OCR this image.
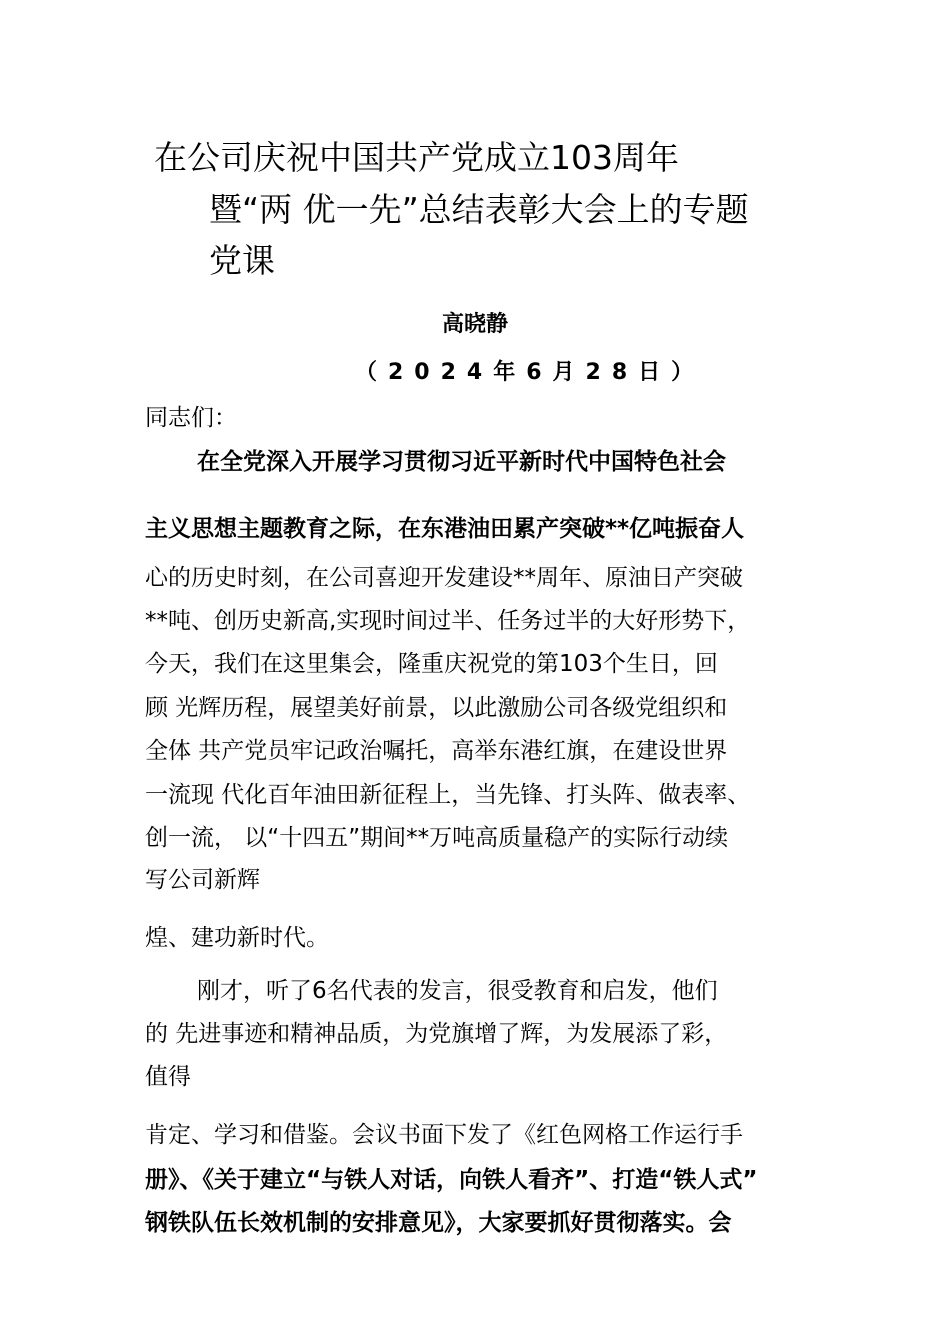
在公司庆祝中国共产党成立103周年
暨“两 优一先”总结表彰大会上的专题
党课
高晓静
（2024年6月28日）
同志们：
在全党深入开展学习贯彻习近平新时代中国特色社会
主义思想主题教育之际，在东港油田累产突破**亿吨振奋人
心的历史时刻，在公司喜迎开发建设**周年、原油日产突破
**吨、创历史新高,实现时间过半、任务过半的大好形势下，
今天，我们在这里集会，隆重庆祝党的第103个生日，回
顾 光辉历程，展望美好前景，以此激励公司各级党组织和
全体 共产党员牢记政治嘱托，高举东港红旗，在建设世界
一流现 代化百年油田新征程上，当先锋、打头阵、做表率、
创一流， 以“十四五”期间**万吨高质量稳产的实际行动续
写公司新辉
煌、建功新时代。
刚才，听了6名代表的发言，很受教育和启发，他们
的 先进事迹和精神品质，为党旗增了辉，为发展添了彩，
值得
肯定、学习和借鉴。会议书面下发了《红色网格工作运行手
册》、《关于建立“与铁人对话，向铁人看齐”、打造“铁人式”
钢铁队伍长效机制的安排意见》，大家要抓好贯彻落实。会
